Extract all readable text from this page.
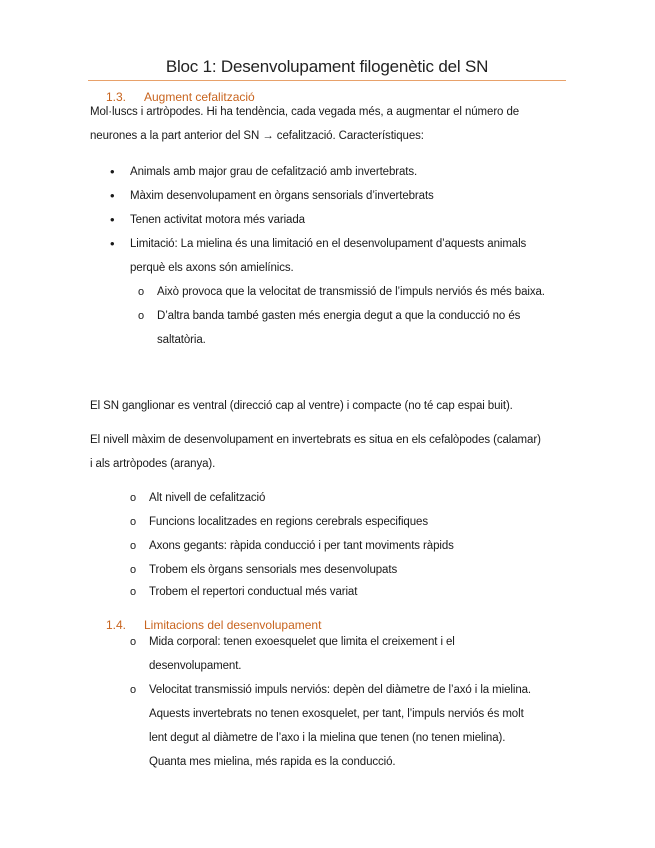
Bloc 1: Desenvolupament filogenètic del SN
1.3. Augment cefalització
Mol·luscs i artròpodes. Hi ha tendència, cada vegada més, a augmentar el número de
neurones a la part anterior del SN → cefalització. Característiques:
• Animals amb major grau de cefalització amb invertebrats.
• Màxim desenvolupament en òrgans sensorials d’invertebrats
• Tenen activitat motora més variada
• Limitació: La mielina és una limitació en el desenvolupament d’aquests animals
perquè els axons són amielínics.
o Això provoca que la velocitat de transmissió de l’impuls nerviós és més baixa.
o D’altra banda també gasten més energia degut a que la conducció no és
saltatòria.
El SN ganglionar es ventral (direcció cap al ventre) i compacte (no té cap espai buit).
El nivell màxim de desenvolupament en invertebrats es situa en els cefalòpodes (calamar)
i als artròpodes (aranya).
o Alt nivell de cefalització
o Funcions localitzades en regions cerebrals especifiques
o Axons gegants: ràpida conducció i per tant moviments ràpids
o Trobem els òrgans sensorials mes desenvolupats
o Trobem el repertori conductual més variat
1.4. Limitacions del desenvolupament
o Mida corporal: tenen exoesquelet que limita el creixement i el
desenvolupament.
o Velocitat transmissió impuls nerviós: depèn del diàmetre de l’axó i la mielina.
Aquests invertebrats no tenen exosquelet, per tant, l’impuls nerviós és molt
lent degut al diàmetre de l’axo i la mielina que tenen (no tenen mielina).
Quanta mes mielina, més rapida es la conducció.
